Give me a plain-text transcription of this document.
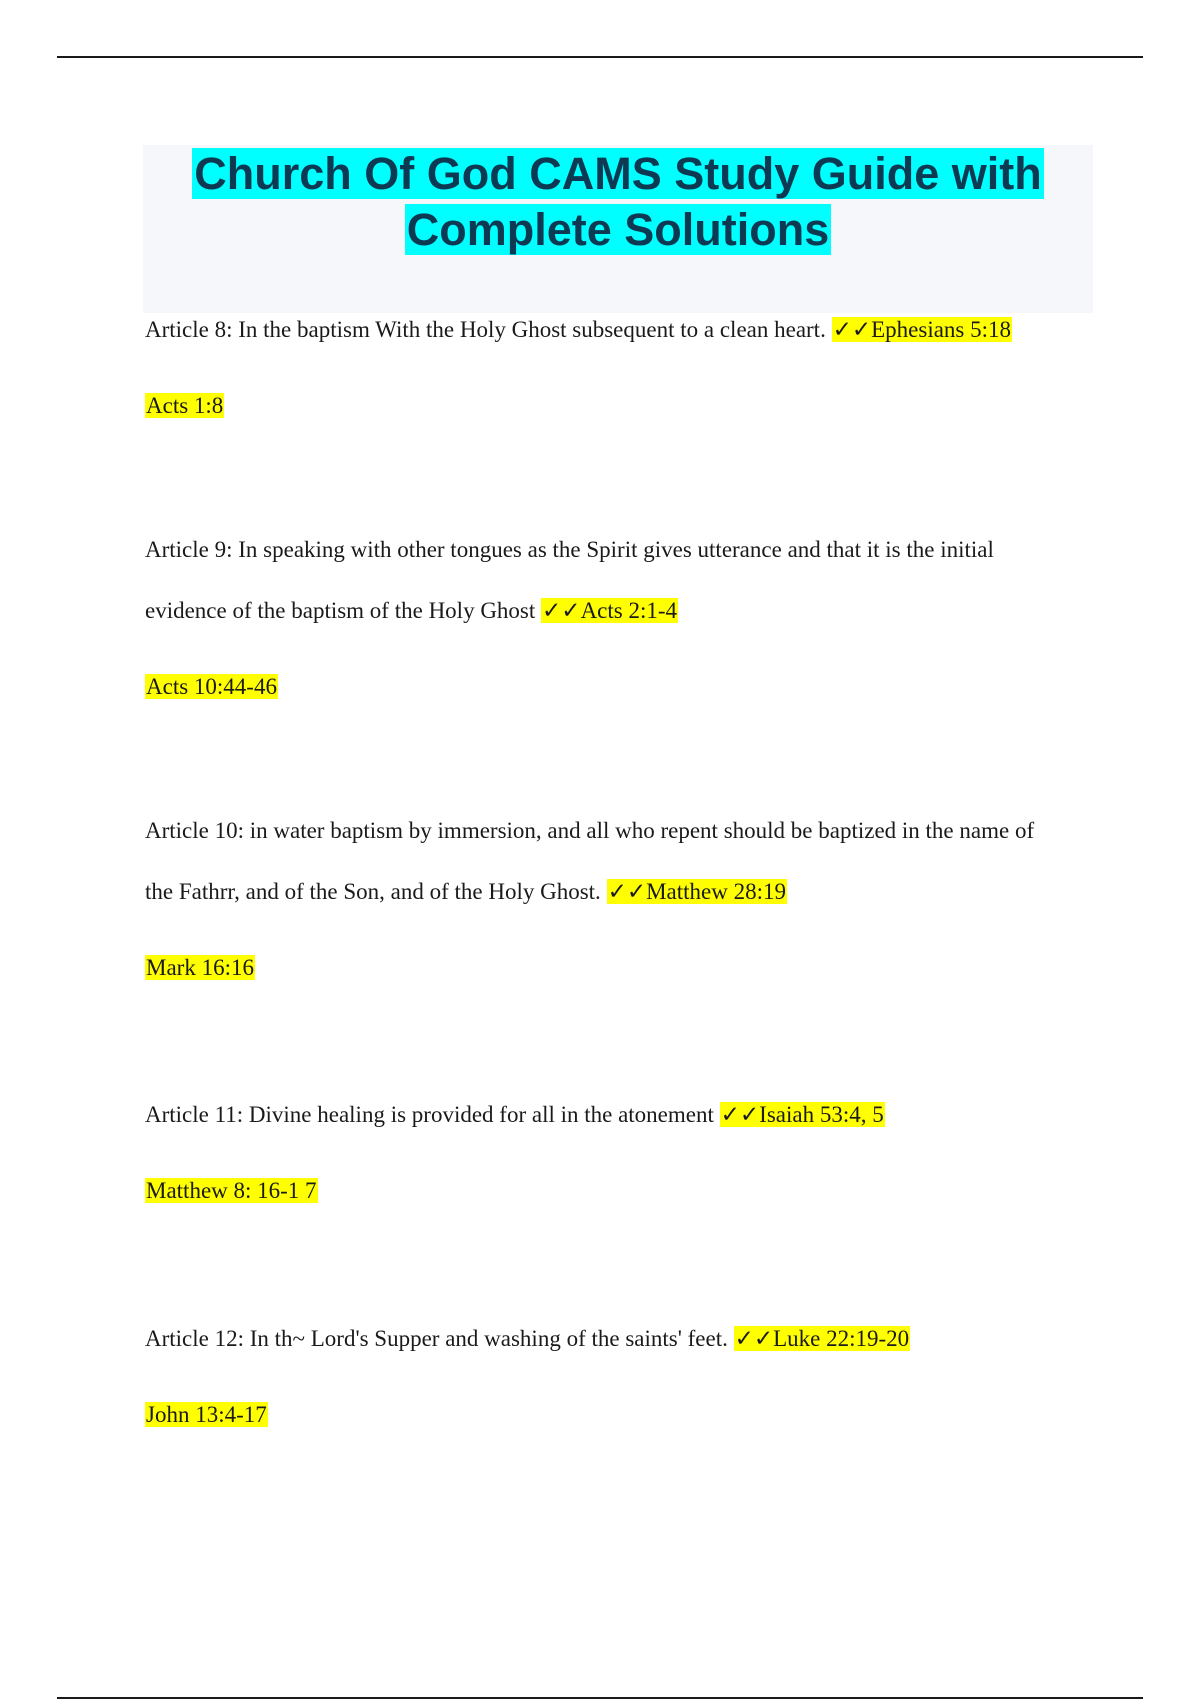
Church Of God CAMS Study Guide with
Complete Solutions
Article 8: In the baptism With the Holy Ghost subsequent to a clean heart. ✓✓Ephesians 5:18
Acts 1:8
Article 9: In speaking with other tongues as the Spirit gives utterance and that it is the initial
evidence of the baptism of the Holy Ghost ✓✓Acts 2:1-4
Acts 10:44-46
Article 10: in water baptism by immersion, and all who repent should be baptized in the name of
the Fathrr, and of the Son, and of the Holy Ghost. ✓✓Matthew 28:19
Mark 16:16
Article 11: Divine healing is provided for all in the atonement ✓✓Isaiah 53:4, 5
Matthew 8: 16-1 7
Article 12: In th~ Lord's Supper and washing of the saints' feet. ✓✓Luke 22:19-20
John 13:4-17
